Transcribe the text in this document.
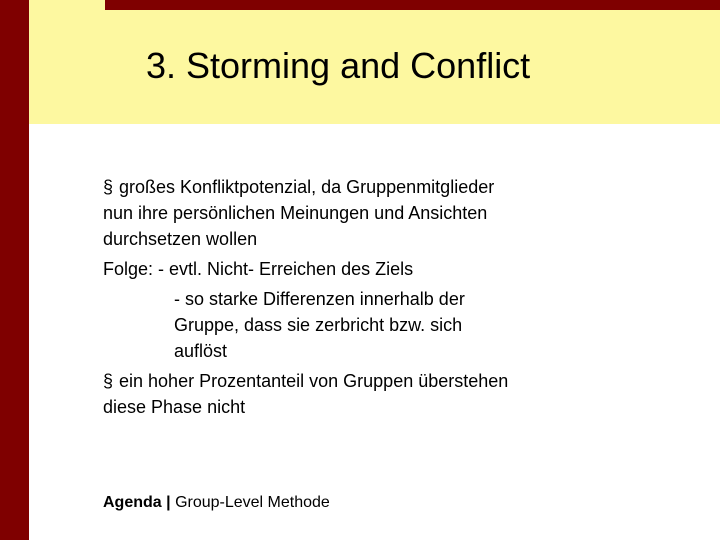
3. Storming and Conflict
§ großes Konfliktpotenzial, da Gruppenmitglieder
nun ihre persönlichen Meinungen und Ansichten
durchsetzen wollen
Folge: - evtl. Nicht- Erreichen des Ziels
- so starke Differenzen innerhalb der
Gruppe, dass sie zerbricht bzw. sich
auflöst
§ ein hoher Prozentanteil von Gruppen überstehen
diese Phase nicht
Agenda | Group-Level Methode
